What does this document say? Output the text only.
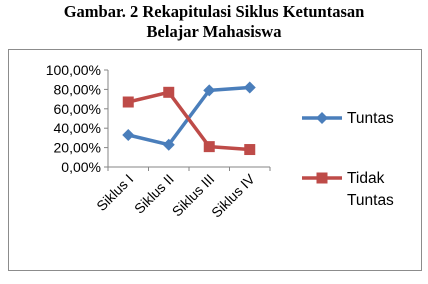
Gambar. 2 Rekapitulasi Siklus Ketuntasan
Belajar Mahasiswa
0,00%
20,00%
40,00%
60,00%
80,00%
100,00%
Siklus I
Siklus II
Siklus III
Siklus IV
Tuntas
Tidak
Tuntas
